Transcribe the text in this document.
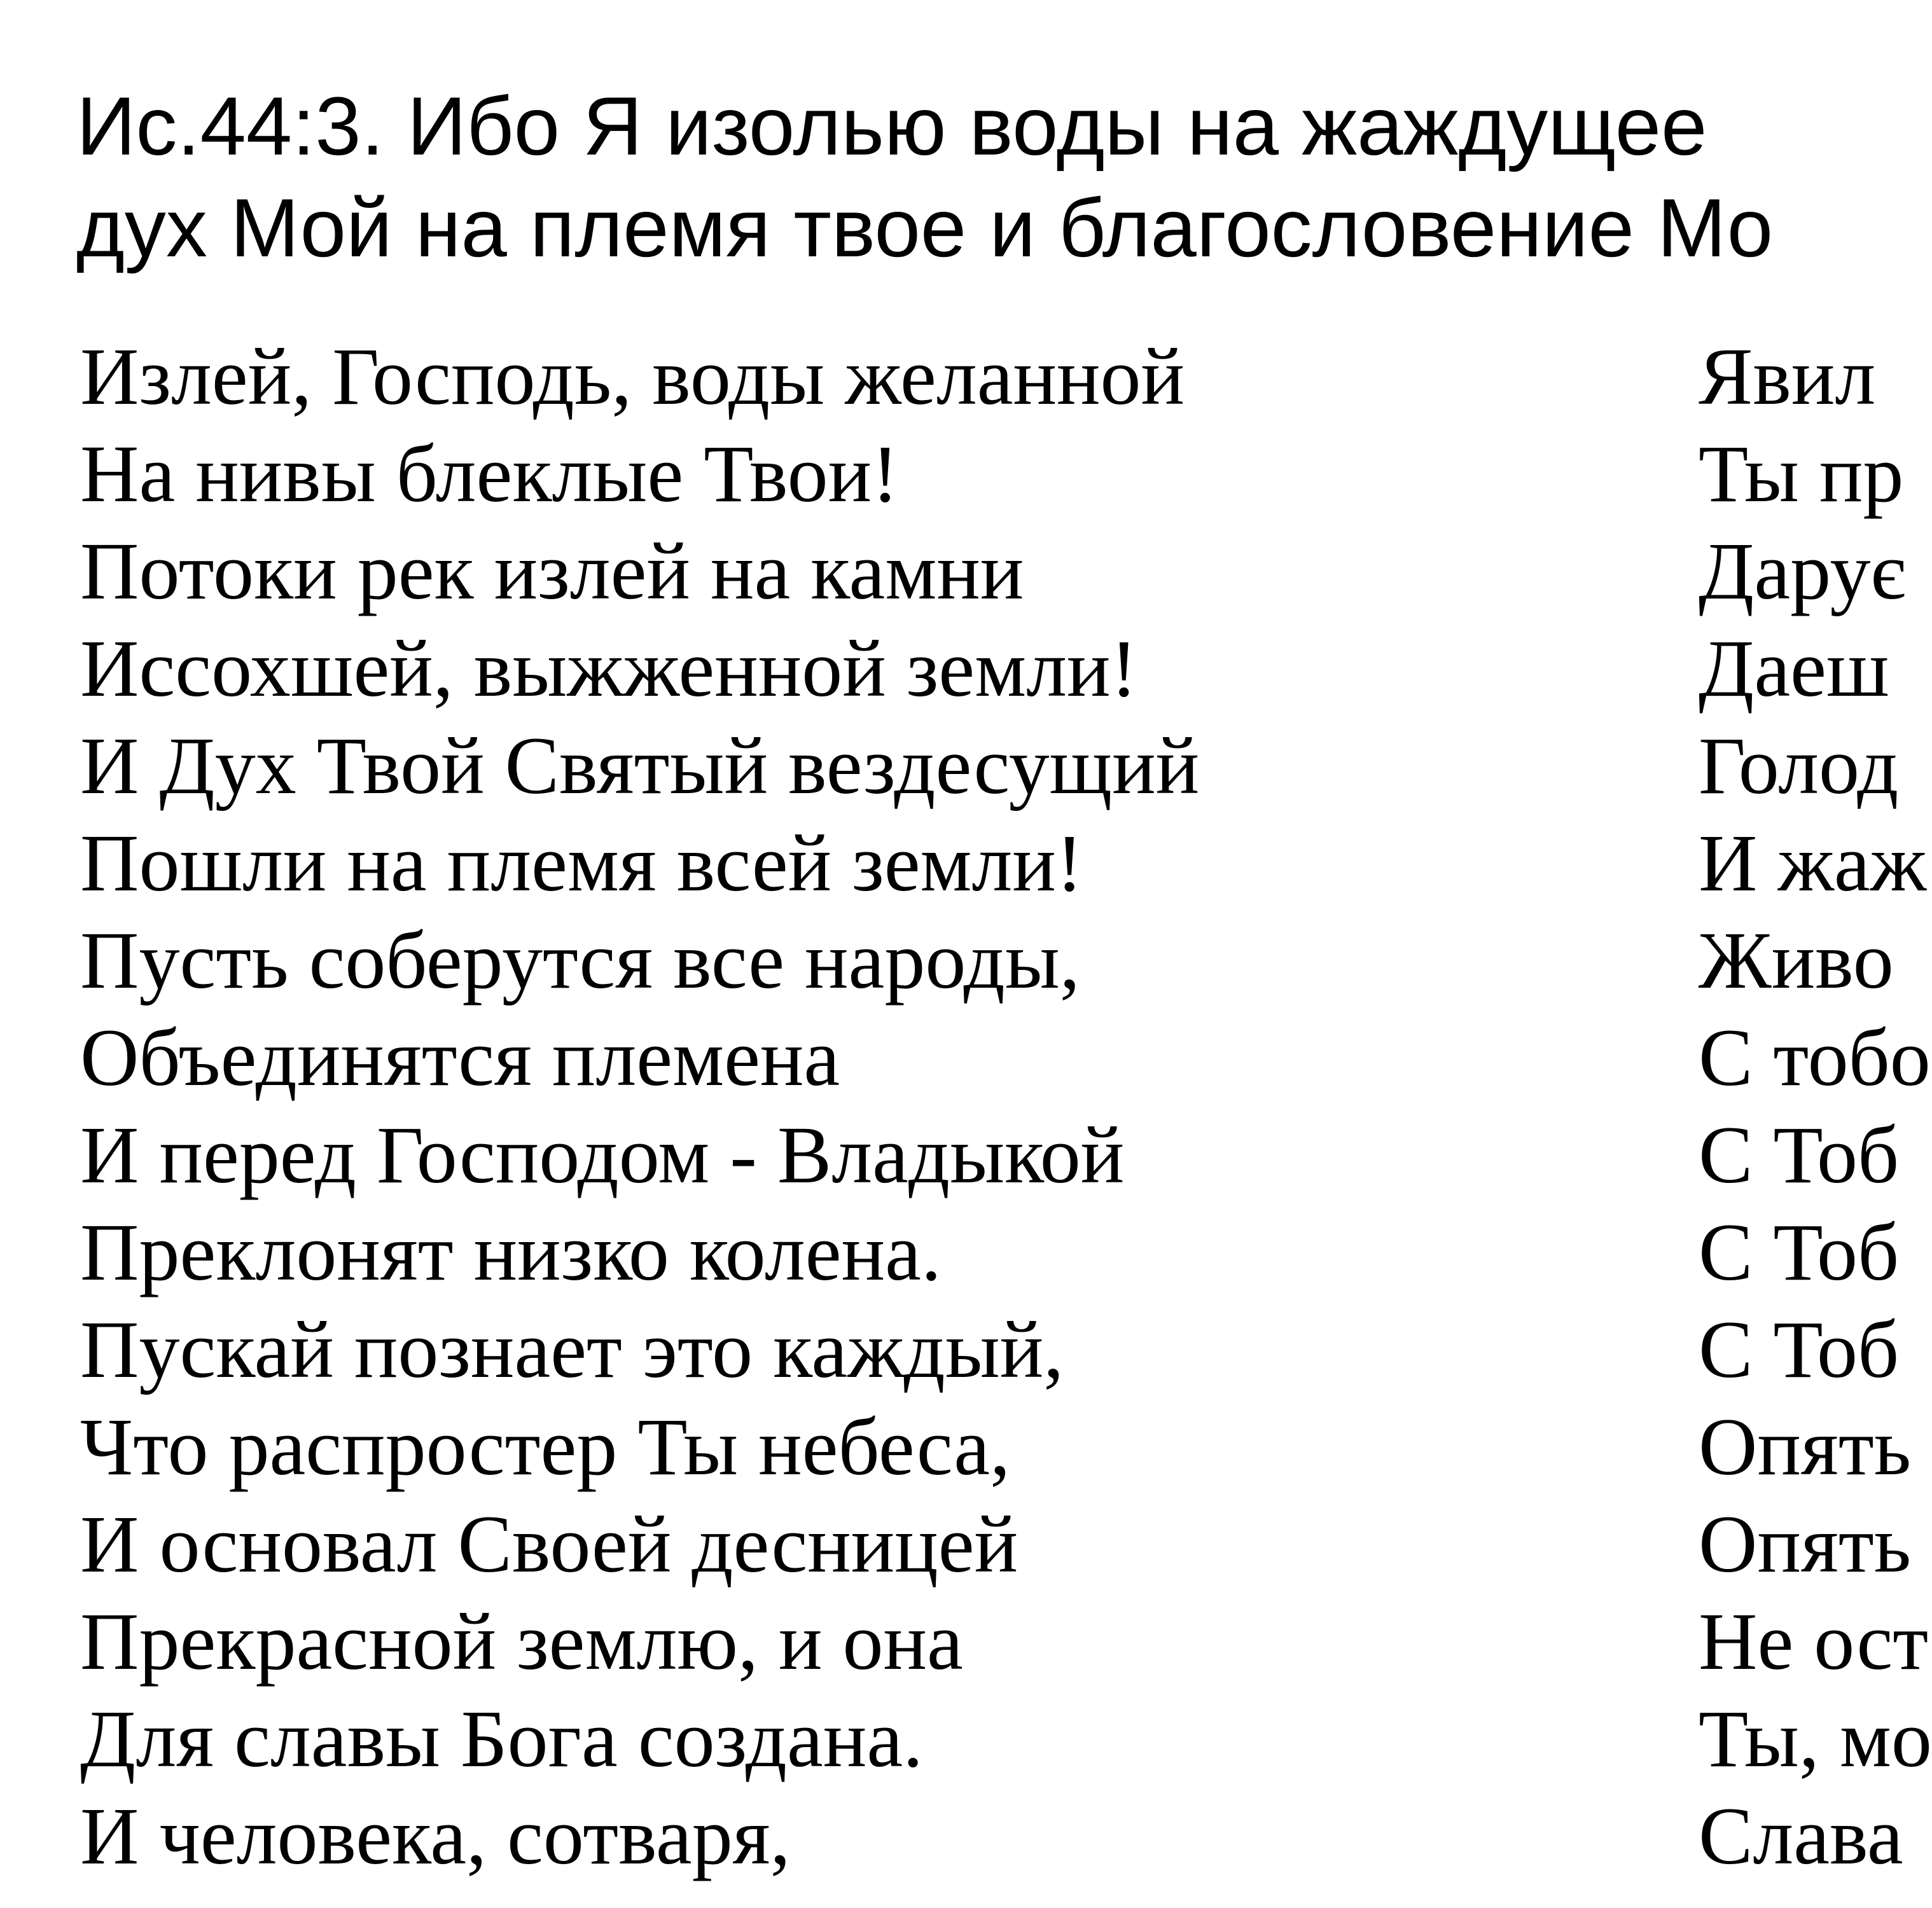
Ис.44:3. Ибо Я изолью воды на жаждущее
дух Мой на племя твое и благословение Мо
Излей, Господь, воды желанной
На нивы блеклые Твои!
Потоки рек излей на камни
Иссохшей, выжженной земли!
И Дух Твой Святый вездесущий
Пошли на племя всей земли!
Пусть соберутся все народы,
Объединятся племена
И перед Господом - Владыкой
Преклонят низко колена.
Пускай познает это каждый,
Что распростер Ты небеса,
И основал Своей десницей
Прекрасной землю, и она
Для славы Бога создана.
И человека, сотваря,
Явил
Ты пр
Дарує
Даеш
Голод
И жаж
Живо
С тобо
С Тоб
С Тоб
С Тоб
Опять
Опять
Не ост
Ты, мо
Слава
